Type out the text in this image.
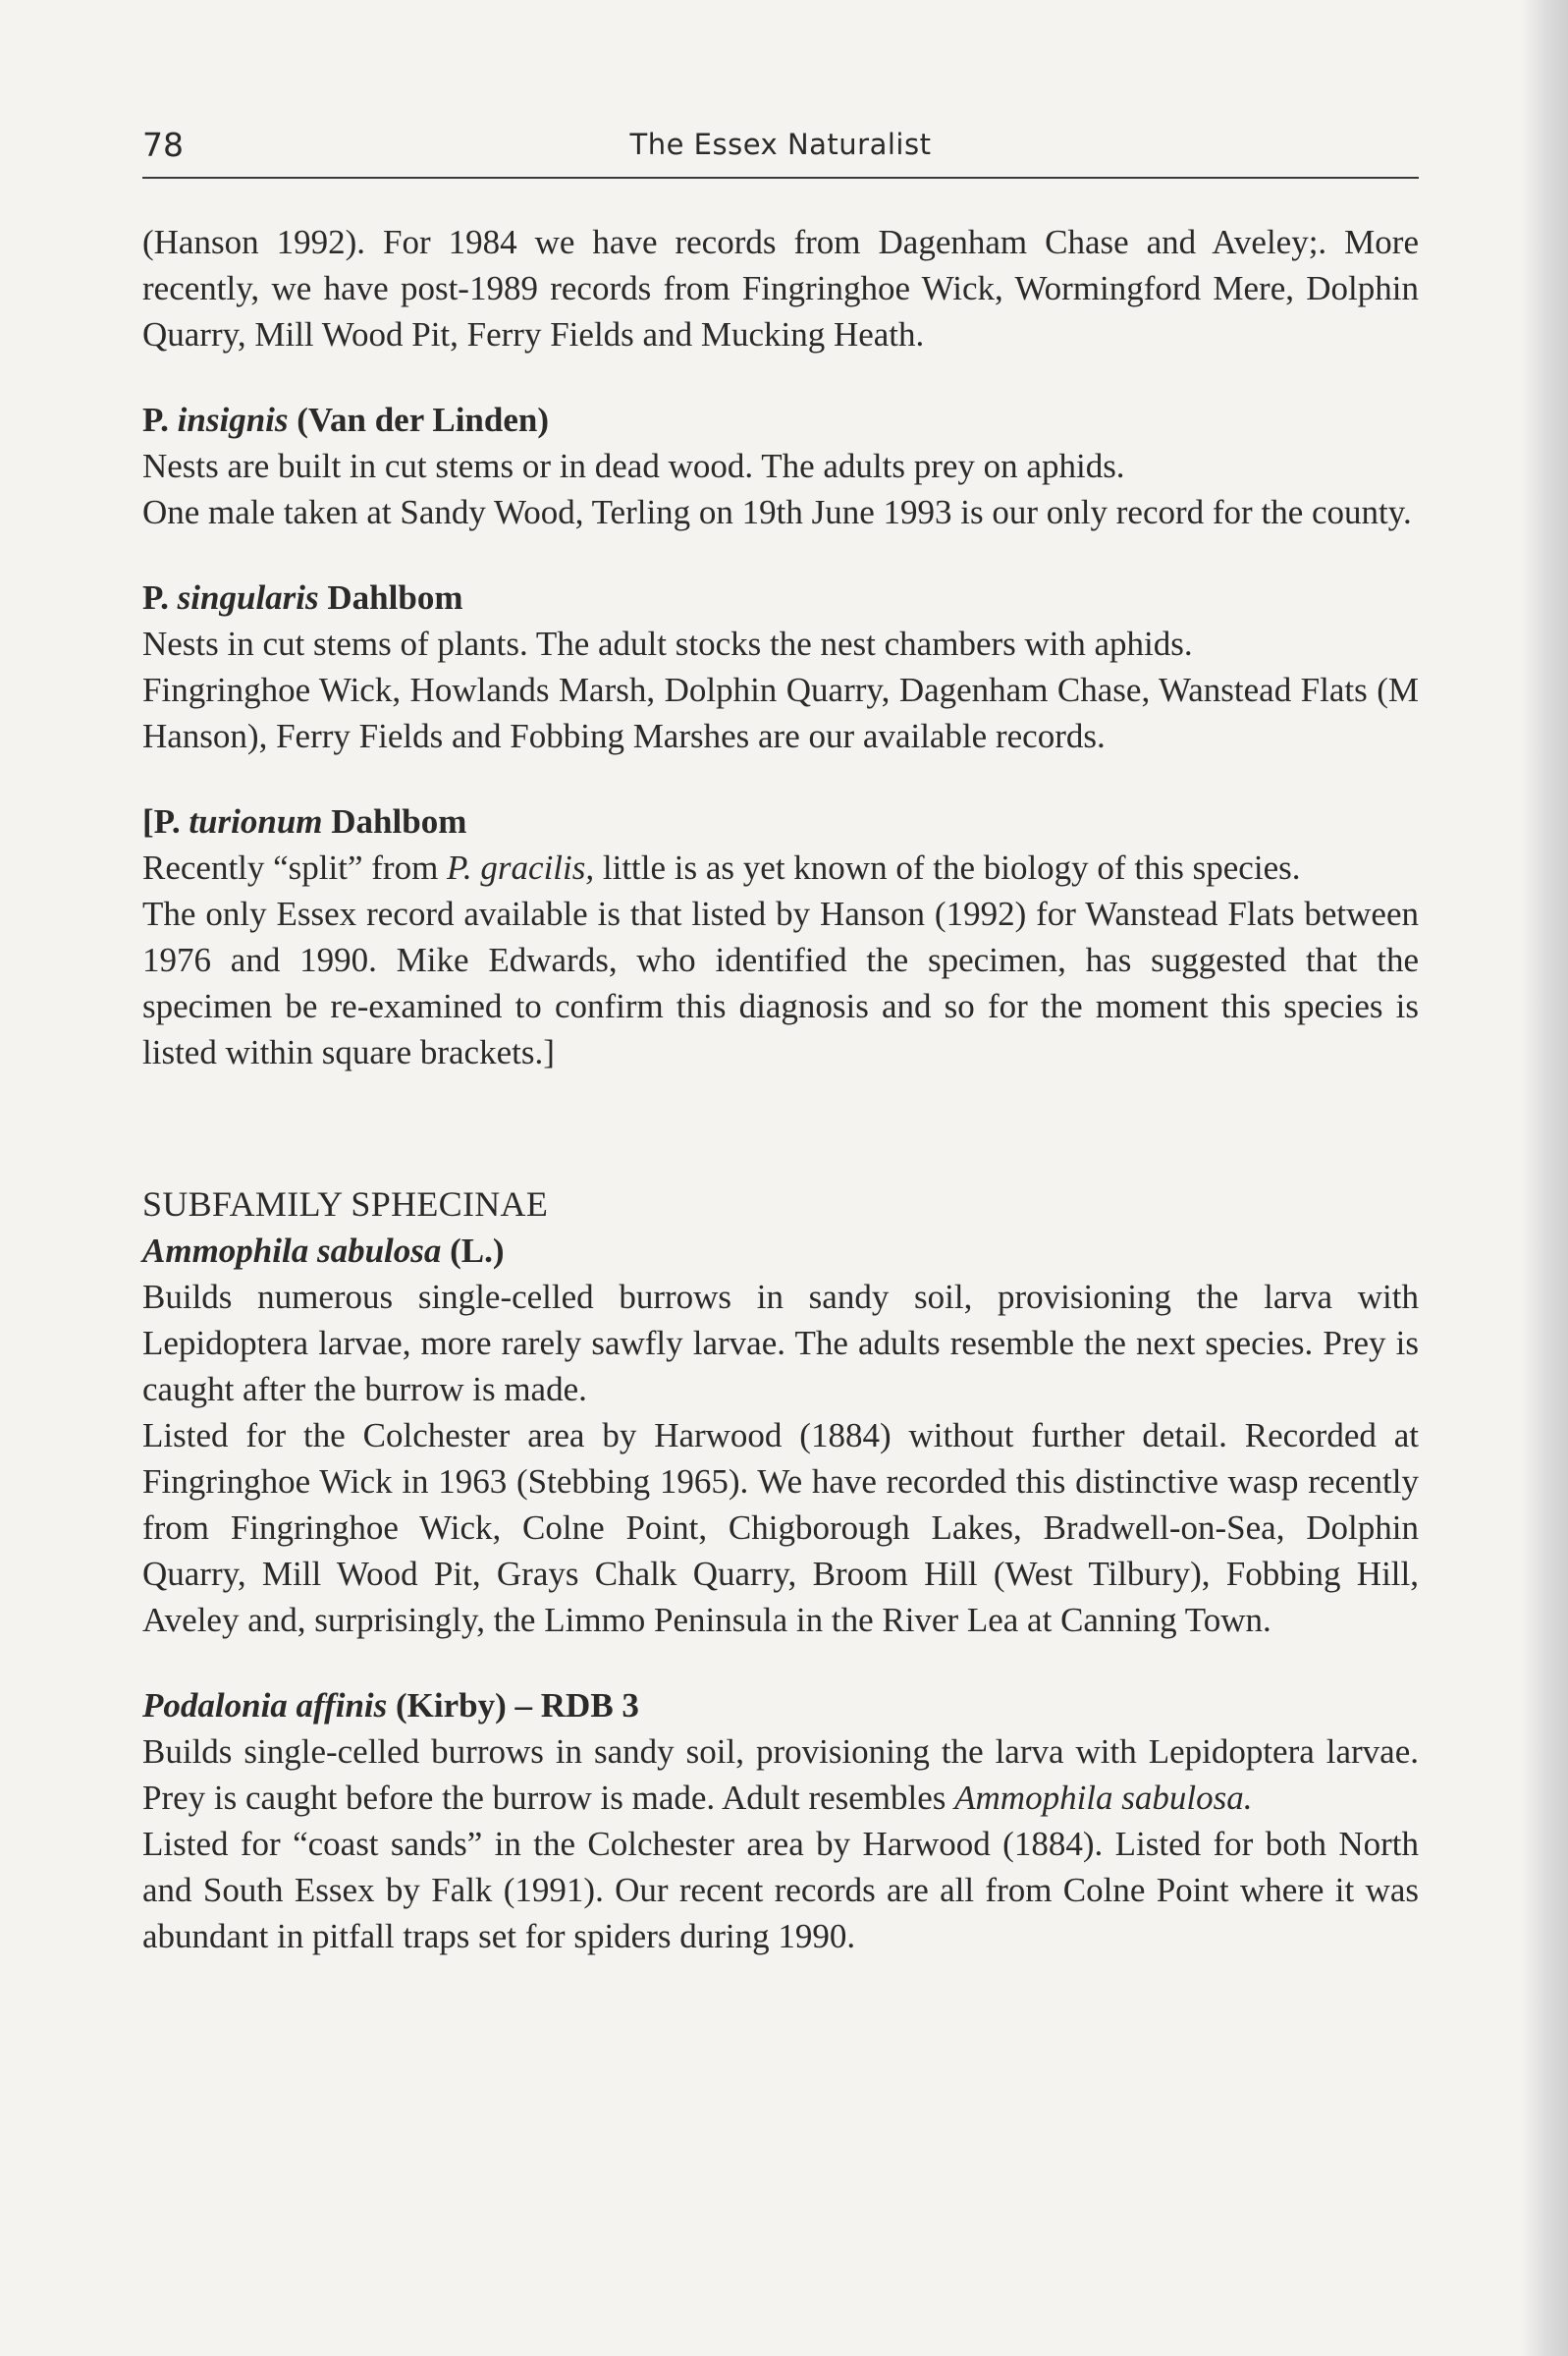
78	The Essex Naturalist

(Hanson 1992). For 1984 we have records from Dagenham Chase and Aveley;. More recently, we have post-1989 records from Fingringhoe Wick, Wormingford Mere, Dolphin Quarry, Mill Wood Pit, Ferry Fields and Mucking Heath.

P. insignis (Van der Linden)

Nests are built in cut stems or in dead wood. The adults prey on aphids.

One male taken at Sandy Wood, Terling on 19th June 1993 is our only record for the county.

P. singularis Dahlbom

Nests in cut stems of plants. The adult stocks the nest chambers with aphids.

Fingringhoe Wick, Howlands Marsh, Dolphin Quarry, Dagenham Chase, Wanstead Flats (M Hanson), Ferry Fields and Fobbing Marshes are our available records.

[P. turionum Dahlbom

Recently “split” from P. gracilis, little is as yet known of the biology of this species.

The only Essex record available is that listed by Hanson (1992) for Wanstead Flats between 1976 and 1990. Mike Edwards, who identified the specimen, has suggested that the specimen be re-examined to confirm this diagnosis and so for the moment this species is listed within square brackets.]

SUBFAMILY SPHECINAE

Ammophila sabulosa (L.)

Builds numerous single-celled burrows in sandy soil, provisioning the larva with Lepidoptera larvae, more rarely sawfly larvae. The adults resemble the next species. Prey is caught after the burrow is made.

Listed for the Colchester area by Harwood (1884) without further detail. Recorded at Fingringhoe Wick in 1963 (Stebbing 1965). We have recorded this distinctive wasp recently from Fingringhoe Wick, Colne Point, Chigborough Lakes, Bradwell-on-Sea, Dolphin Quarry, Mill Wood Pit, Grays Chalk Quarry, Broom Hill (West Tilbury), Fobbing Hill, Aveley and, surprisingly, the Limmo Peninsula in the River Lea at Canning Town.

Podalonia affinis (Kirby) – RDB 3

Builds single-celled burrows in sandy soil, provisioning the larva with Lepidoptera larvae. Prey is caught before the burrow is made. Adult resembles Ammophila sabulosa.

Listed for “coast sands” in the Colchester area by Harwood (1884). Listed for both North and South Essex by Falk (1991). Our recent records are all from Colne Point where it was abundant in pitfall traps set for spiders during 1990.
